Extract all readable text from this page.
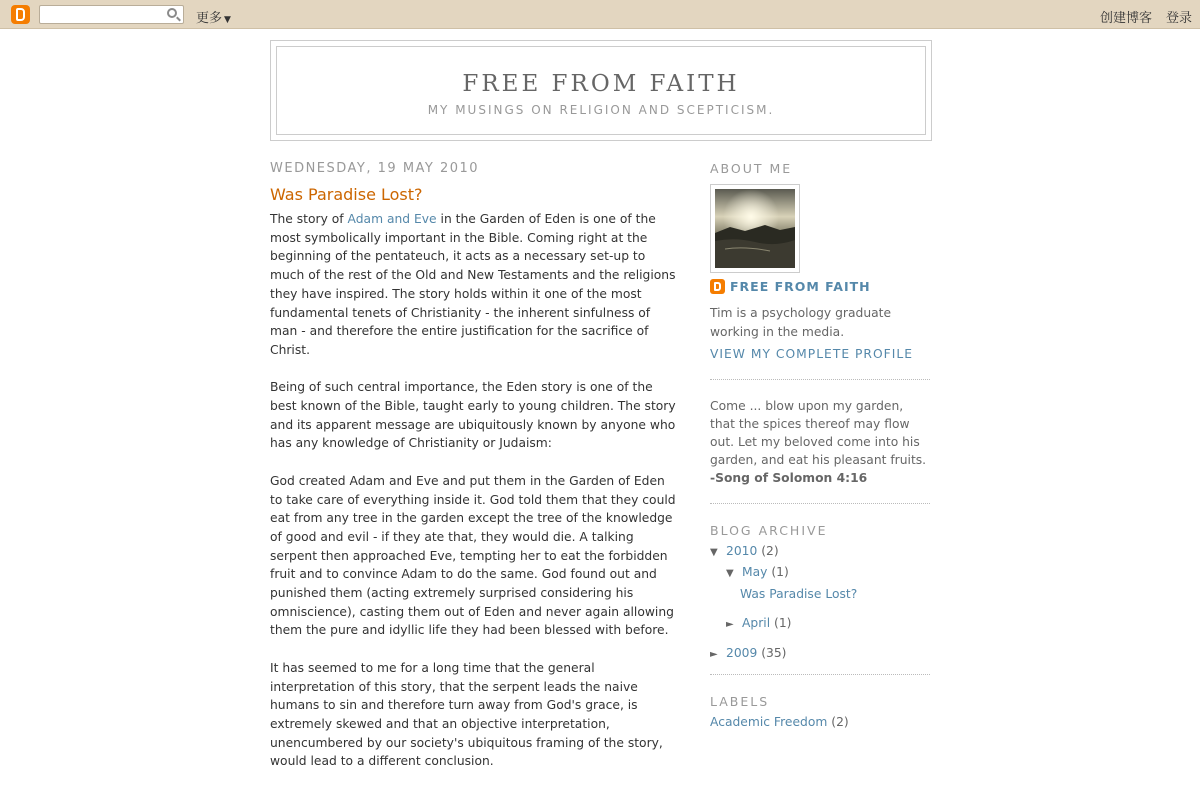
更多 ▼	创建博客 登录
FREE FROM FAITH
MY MUSINGS ON RELIGION AND SCEPTICISM.
WEDNESDAY, 19 MAY 2010
Was Paradise Lost?

The story of Adam and Eve in the Garden of Eden is one of the most symbolically important in the Bible. Coming right at the beginning of the pentateuch, it acts as a necessary set-up to much of the rest of the Old and New Testaments and the religions they have inspired. The story holds within it one of the most fundamental tenets of Christianity - the inherent sinfulness of man - and therefore the entire justification for the sacrifice of Christ.

Being of such central importance, the Eden story is one of the best known of the Bible, taught early to young children. The story and its apparent message are ubiquitously known by anyone who has any knowledge of Christianity or Judaism:

God created Adam and Eve and put them in the Garden of Eden to take care of everything inside it. God told them that they could eat from any tree in the garden except the tree of the knowledge of good and evil - if they ate that, they would die. A talking serpent then approached Eve, tempting her to eat the forbidden fruit and to convince Adam to do the same. God found out and punished them (acting extremely surprised considering his omniscience), casting them out of Eden and never again allowing them the pure and idyllic life they had been blessed with before.

It has seemed to me for a long time that the general interpretation of this story, that the serpent leads the naive humans to sin and therefore turn away from God's grace, is extremely skewed and that an objective interpretation, unencumbered by our society's ubiquitous framing of the story, would lead to a different conclusion.

ABOUT ME
FREE FROM FAITH
Tim is a psychology graduate working in the media.
VIEW MY COMPLETE PROFILE
Come ... blow upon my garden, that the spices thereof may flow out. Let my beloved come into his garden, and eat his pleasant fruits.
-Song of Solomon 4:16
BLOG ARCHIVE
▼ 2010 (2)
▼ May (1)
Was Paradise Lost?
► April (1)
► 2009 (35)
LABELS
Academic Freedom (2)
